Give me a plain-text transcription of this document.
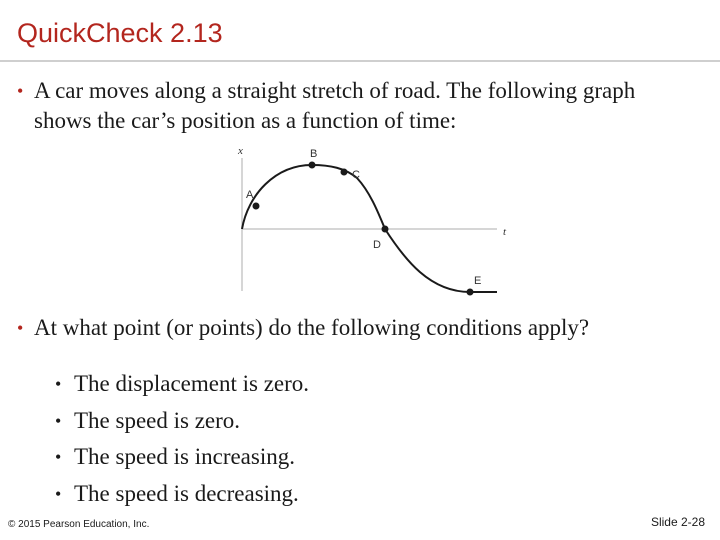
QuickCheck 2.13
• A car moves along a straight stretch of road. The following graph shows the car’s position as a function of time:
x
t
A
B
C
D
E
• At what point (or points) do the following conditions apply?
• The displacement is zero.
• The speed is zero.
• The speed is increasing.
• The speed is decreasing.
© 2015 Pearson Education, Inc.	Slide 2-28
